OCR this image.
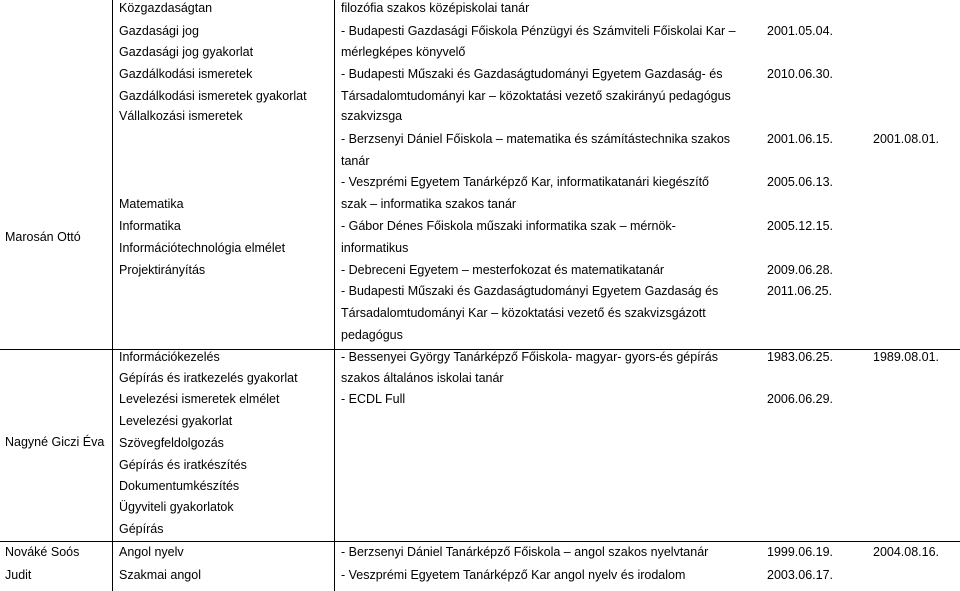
Marosán Ottó
Közgazdaságtan
Gazdasági jog
Gazdasági jog gyakorlat
Gazdálkodási ismeretek
Gazdálkodási ismeretek gyakorlat
Vállalkozási ismeretek
Matematika
Informatika
Információtechnológia elmélet
Projektirányítás
filozófia szakos középiskolai tanár
- Budapesti Gazdasági Főiskola Pénzügyi és Számviteli Főiskolai Kar –
mérlegképes könyvelő
- Budapesti Műszaki és Gazdaságtudományi Egyetem Gazdaság- és
Társadalomtudományi kar – közoktatási vezető szakirányú pedagógus
szakvizsga
- Berzsenyi Dániel Főiskola – matematika és számítástechnika szakos
tanár
- Veszprémi Egyetem Tanárképző Kar, informatikatanári kiegészítő
szak – informatika szakos tanár
- Gábor Dénes Főiskola műszaki informatika szak – mérnök-
informatikus
- Debreceni Egyetem – mesterfokozat és matematikatanár
- Budapesti Műszaki és Gazdaságtudományi Egyetem Gazdaság és
Társadalomtudományi Kar – közoktatási vezető és szakvizsgázott
pedagógus
2001.05.04.
2010.06.30.
2001.06.15.
2005.06.13.
2005.12.15.
2009.06.28.
2011.06.25.
2001.08.01.
Nagyné Giczi Éva
Információkezelés
Gépírás és iratkezelés gyakorlat
Levelezési ismeretek elmélet
Levelezési gyakorlat
Szövegfeldolgozás
Gépírás és iratkészítés
Dokumentumkészítés
Ügyviteli gyakorlatok
Gépírás
- Bessenyei György Tanárképző Főiskola- magyar- gyors-és gépírás
szakos általános iskolai tanár
- ECDL Full
1983.06.25.
2006.06.29.
1989.08.01.
Nováké Soós
Judit
Angol nyelv
Szakmai angol
- Berzsenyi Dániel Tanárképző Főiskola – angol szakos nyelvtanár
- Veszprémi Egyetem Tanárképző Kar angol nyelv és irodalom
1999.06.19.
2003.06.17.
2004.08.16.
